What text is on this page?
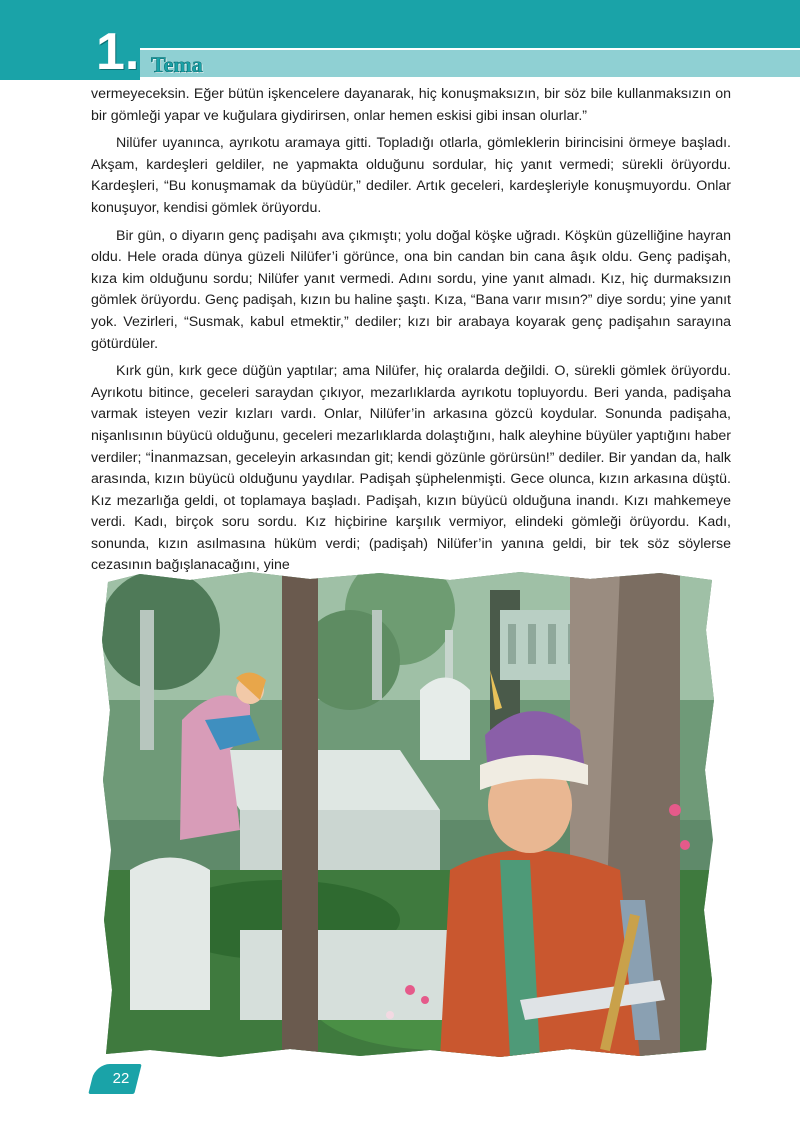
1. Tema

vermeyeceksin. Eğer bütün işkencelere dayanarak, hiç konuşmaksızın, bir söz bile kullanmaksızın on bir gömleği yapar ve kuğulara giydirirsen, onlar hemen eskisi gibi insan olurlar.”

Nilüfer uyanınca, ayrıkotu aramaya gitti. Topladığı otlarla, gömleklerin birincisini örmeye başladı. Akşam, kardeşleri geldiler, ne yapmakta olduğunu sordular, hiç yanıt vermedi; sürekli örüyordu. Kardeşleri, “Bu konuşmamak da büyüdür,” dediler. Artık geceleri, kardeşleriyle konuşmuyordu. Onlar konuşuyor, kendisi gömlek örüyordu.

Bir gün, o diyarın genç padişahı ava çıkmıştı; yolu doğal köşke uğradı. Köşkün güzelliğine hayran oldu. Hele orada dünya güzeli Nilüfer’i görünce, ona bin candan bin cana âşık oldu. Genç padişah, kıza kim olduğunu sordu; Nilüfer yanıt vermedi. Adını sordu, yine yanıt almadı. Kız, hiç durmaksızın gömlek örüyordu. Genç padişah, kızın bu haline şaştı. Kıza, “Bana varır mısın?” diye sordu; yine yanıt yok. Vezirleri, “Susmak, kabul etmektir,” dediler; kızı bir arabaya koyarak genç padişahın sarayına götürdüler.

Kırk gün, kırk gece düğün yaptılar; ama Nilüfer, hiç oralarda değildi. O, sürekli gömlek örüyordu. Ayrıkotu bitince, geceleri saraydan çıkıyor, mezarlıklarda ayrıkotu topluyordu. Beri yanda, padişaha varmak isteyen vezir kızları vardı. Onlar, Nilüfer’in arkasına gözcü koydular. Sonunda padişaha, nişanlısının büyücü olduğunu, geceleri mezarlıklarda dolaştığını, halk aleyhine büyüler yaptığını haber verdiler; “İnanmazsan, geceleyin arkasından git; kendi gözünle görürsün!” dediler. Bir yandan da, halk arasında, kızın büyücü olduğunu yaydılar. Padişah şüphelenmişti. Gece olunca, kızın arkasına düştü. Kız mezarlığa geldi, ot toplamaya başladı. Padişah, kızın büyücü olduğuna inandı. Kızı mahkemeye verdi. Kadı, birçok soru sordu. Kız hiçbirine karşılık vermiyor, elindeki gömleği örüyordu. Kadı, sonunda, kızın asılmasına hüküm verdi; (padişah) Nilüfer’in yanına geldi, bir tek söz söylerse cezasının bağışlanacağını, yine

22
